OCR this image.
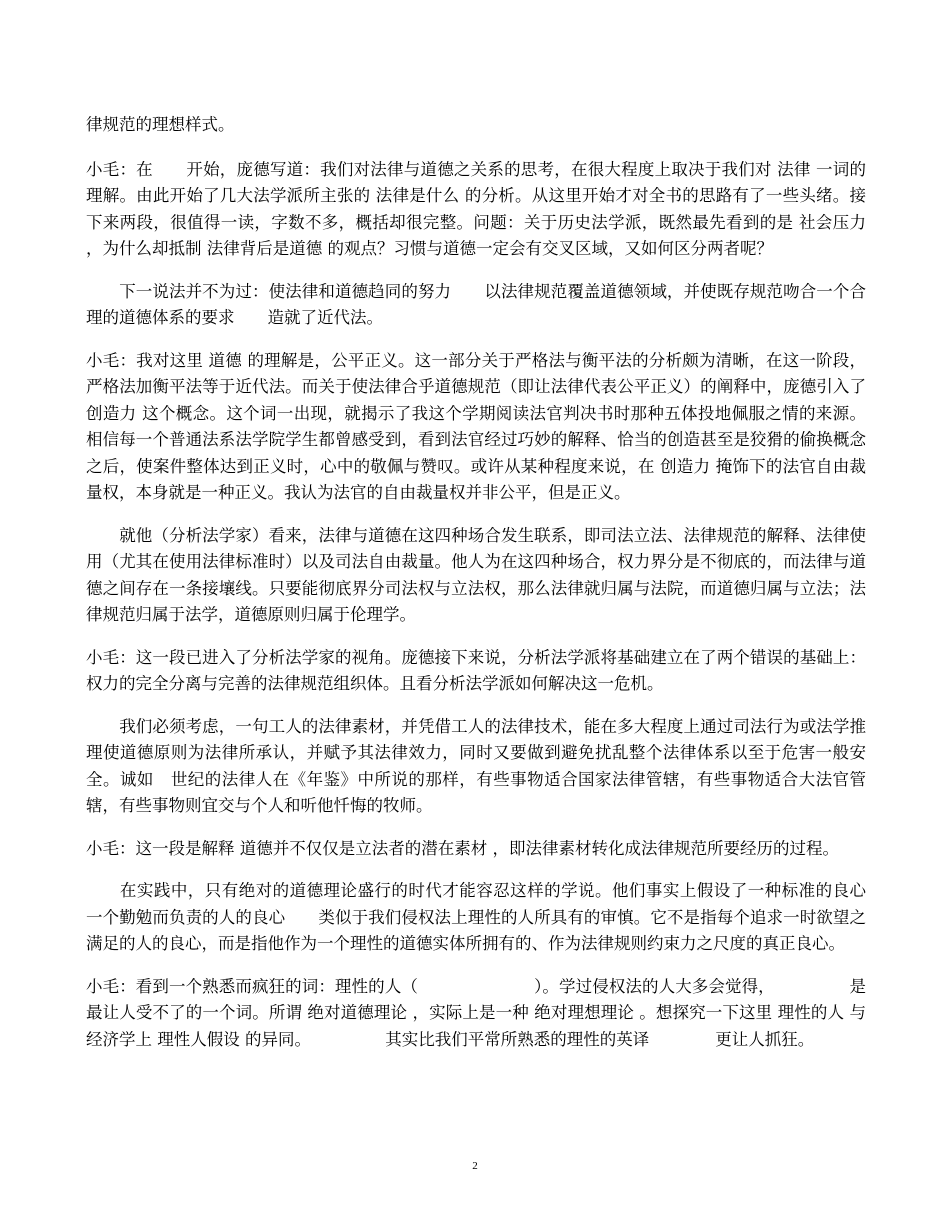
律规范的理想样式。

小毛：在　　开始，庞德写道：我们对法律与道德之关系的思考，在很大程度上取决于我们对 法律 一词的理解。由此开始了几大法学派所主张的 法律是什么 的分析。从这里开始才对全书的思路有了一些头绪。接下来两段，很值得一读，字数不多，概括却很完整。问题：关于历史法学派，既然最先看到的是 社会压力 ，为什么却抵制 法律背后是道德 的观点？习惯与道德一定会有交叉区域，又如何区分两者呢？

　　下一说法并不为过：使法律和道德趋同的努力　　以法律规范覆盖道德领域，并使既存规范吻合一个合理的道德体系的要求　　造就了近代法。

小毛：我对这里 道德 的理解是，公平正义。这一部分关于严格法与衡平法的分析颇为清晰，在这一阶段，严格法加衡平法等于近代法。而关于使法律合乎道德规范（即让法律代表公平正义）的阐释中，庞德引入了 创造力 这个概念。这个词一出现，就揭示了我这个学期阅读法官判决书时那种五体投地佩服之情的来源。相信每一个普通法系法学院学生都曾感受到，看到法官经过巧妙的解释、恰当的创造甚至是狡猾的偷换概念之后，使案件整体达到正义时，心中的敬佩与赞叹。或许从某种程度来说，在 创造力 掩饰下的法官自由裁量权，本身就是一种正义。我认为法官的自由裁量权并非公平，但是正义。

　　就他（分析法学家）看来，法律与道德在这四种场合发生联系，即司法立法、法律规范的解释、法律使用（尤其在使用法律标准时）以及司法自由裁量。他人为在这四种场合，权力界分是不彻底的，而法律与道德之间存在一条接壤线。只要能彻底界分司法权与立法权，那么法律就归属与法院，而道德归属与立法；法律规范归属于法学，道德原则归属于伦理学。

小毛：这一段已进入了分析法学家的视角。庞德接下来说，分析法学派将基础建立在了两个错误的基础上：权力的完全分离与完善的法律规范组织体。且看分析法学派如何解决这一危机。

　　我们必须考虑，一句工人的法律素材，并凭借工人的法律技术，能在多大程度上通过司法行为或法学推理使道德原则为法律所承认，并赋予其法律效力，同时又要做到避免扰乱整个法律体系以至于危害一般安全。诚如　世纪的法律人在《年鉴》中所说的那样，有些事物适合国家法律管辖，有些事物适合大法官管辖，有些事物则宜交与个人和听他忏悔的牧师。

小毛：这一段是解释 道德并不仅仅是立法者的潜在素材 ，即法律素材转化成法律规范所要经历的过程。

　　在实践中，只有绝对的道德理论盛行的时代才能容忍这样的学说。他们事实上假设了一种标准的良心　　一个勤勉而负责的人的良心　　类似于我们侵权法上理性的人所具有的审慎。它不是指每个追求一时欲望之满足的人的良心，而是指他作为一个理性的道德实体所拥有的、作为法律规则约束力之尺度的真正良心。

小毛：看到一个熟悉而疯狂的词：理性的人（　　　　　　　）。学过侵权法的人大多会觉得，　　　　　是最让人受不了的一个词。所谓 绝对道德理论 ，实际上是一种 绝对理想理论 。想探究一下这里 理性的人 与经济学上 理性人假设 的异同。　　　　　其实比我们平常所熟悉的理性的英译　　　　更让人抓狂。

2
